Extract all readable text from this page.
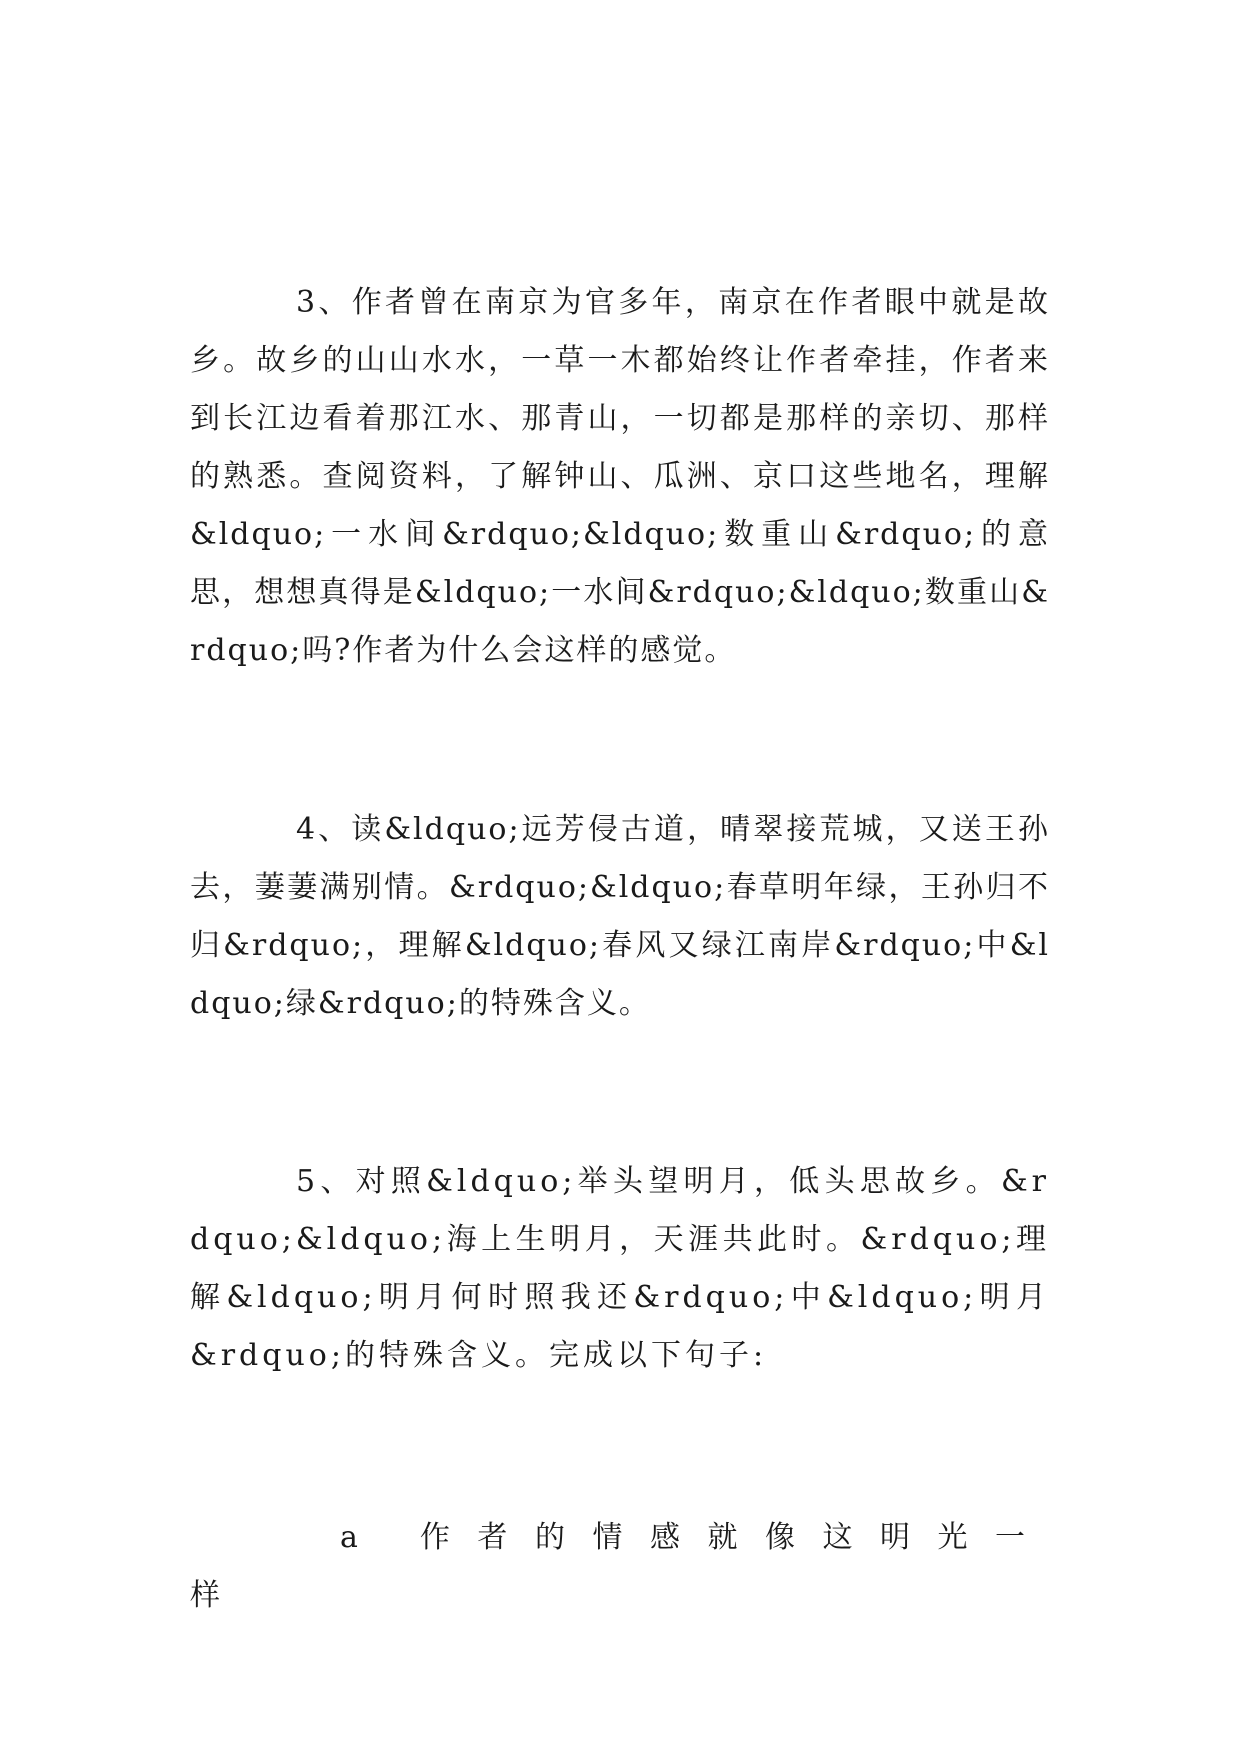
3、作者曾在南京为官多年，南京在作者眼中就是故乡。故乡的山山水水，一草一木都始终让作者牵挂，作者来到长江边看着那江水、那青山，一切都是那样的亲切、那样的熟悉。查阅资料，了解钟山、瓜洲、京口这些地名，理解&ldquo;一水间&rdquo;&ldquo;数重山&rdquo;的意思，想想真得是&ldquo;一水间&rdquo;&ldquo;数重山&rdquo;吗?作者为什么会这样的感觉。

4、读&ldquo;远芳侵古道，晴翠接荒城，又送王孙去，萋萋满别情。&rdquo;&ldquo;春草明年绿，王孙归不归&rdquo;，理解&ldquo;春风又绿江南岸&rdquo;中&ldquo;绿&rdquo;的特殊含义。

5、对照&ldquo;举头望明月，低头思故乡。&rdquo;&ldquo;海上生明月，天涯共此时。&rdquo;理解&ldquo;明月何时照我还&rdquo;中&ldquo;明月&rdquo;的特殊含义。完成以下句子:

a 作者的情感就像这明光一样
